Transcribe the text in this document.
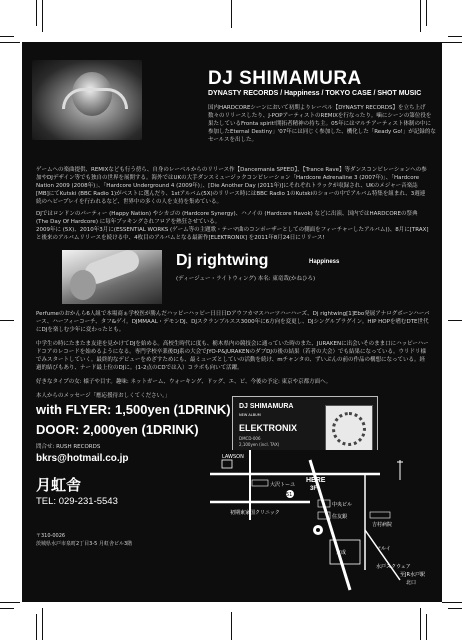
DJ SHIMAMURA
DYNASTY RECORDS / Happiness / TOKYO CASE / SHOT MUSIC
国内HARDCOREシーンにおいて初期よりレーベル【DYNASTY RECORDS】を立ち上げ数々のリリースしたり、J-POPアーティストのREMIXを行なったり。噛にシーンの第位役を果たしているFronta spirit!開拓者精神の持ち主。05年にはマルチアーティスト体制の中に参加したEternal Destiny」'07年には同じく参加した、機化した「Ready Go!」が記録的なセールスを出した。
ゲームへの楽曲提供、REMIXなども行う傍ら、自身のレーベルからのリリース作【Dancemania SPEED】、【Trance Rave】等ダンスコンピレーションへの参加やDJデザイン等でも独自の世界を展開する。海外ではUKの大手ダンスミュージックコンピレーション「Hardcore Adrenaline 3 (2007年)」、「Hardcore Nation 2009 (2008年)」、「Hardcore Underground 4 (2009年)」、[Die Another Day (2011年)]にそれぞれトラックが収録され、UKのメジャー音楽誌 [MB]にてKutski (BBC Radio 1)がベストに選んだり、1stアルバム(5X)のリリース時にはBBC Radio 1のKutskiのショーの中でアルバム特集を組まれ、3週連続のヘビープレイを行われるなど、世界中の多くの人を支持を集めている。
DJではロンドンのパーティー (Happy Nation) やシカゴの (Hardcore Synergy)、ハノイの (Hardcore Havok) などに出演、国内ではHARDCOREの祭典 (The Day Of Hardcore) に毎年ブッキングされフロアを熱狂させている。
2009年に (5X)、2010年3月に(ESSENTIAL WORKS (ゲーム等の主題歌・テーマ曲のコンポーザーとしての側面をフィーチャーしたアルバム))、8月に[TRAX] と後来のアルバムリリースを続ける中、4枚目のアルバムとなる最新作[ELEKTRONIX] を2011年8月24日にリリース!
Dj rightwing	Happiness
(ディージェー・ライトウィング) 本名: 東竜哉(かねひろ)
Perfumeのおかんら6人組で本場商ぁ学校医が勝んだハッピーハッピー日日日Dアウフカマスハーツハーハーズ、Dj rightwing[1]Ebo発展アナログボーンハーバース、ハーフィーコーチ、タフ&ゲイ。DJMMAAL・デモンDJ、DJスクランブルスス3000年に6方向を変更し、DJシングルプラグイン。HIP HOPを嗜むDTE世代にDJを楽しむ少年に変わったとも。
中学生の時にたまたま友達を見かけてDJを始める。高校生時代に度も、栃木県内の競技会に通っていた時のまた、JURAKENに出会いそのまま口にハッピーハードコアのレコードを始めるようになる。専門学校卒業後DJ系の大会でJYO-P&JURAKENのダブDJの後の結果（若者の大会）でも結果になっている。ウリドリ様でみスタートしていく。最終的なデビューをめざすためにも、最ミューズとしていの活動を続け、mチャンタの、ずいぶんの前の作品の構想になっている。経過的結びもあり、ナード最上位のDJに。(1-2点のCDでは入）コラボも向いて活躍。
好きなタイプの女: 様子や目す。趣味: ネットガーム、ウォーキング、ドッグ、エ、ビ、今後の予定: 東京や京都方面へ。
本人からのメッセージ「應応援待おしくてください。」
DJ SHIMAMURA
NEW ALBUM
ELEKTRONIX
DMCD-006
2,100yen (incl. TAX)
with FLYER: 1,500yen (1DRINK)
DOOR: 2,000yen (1DRINK)
問合せ: RUSH RECORDS
bkrs@hotmail.co.jp
月虹舎
TEL: 029-231-5543
〒310-0026
茨城県水戸市泉町2丁目3-5 月虹舎ビル3階
LAWSON
大沢トーユ
初期東家国クリニック
51
HERE
3F
中央ビル
住友銀
吉村病院
京成
マルイ
水戸スクウェア
至JR水戸駅
北口
